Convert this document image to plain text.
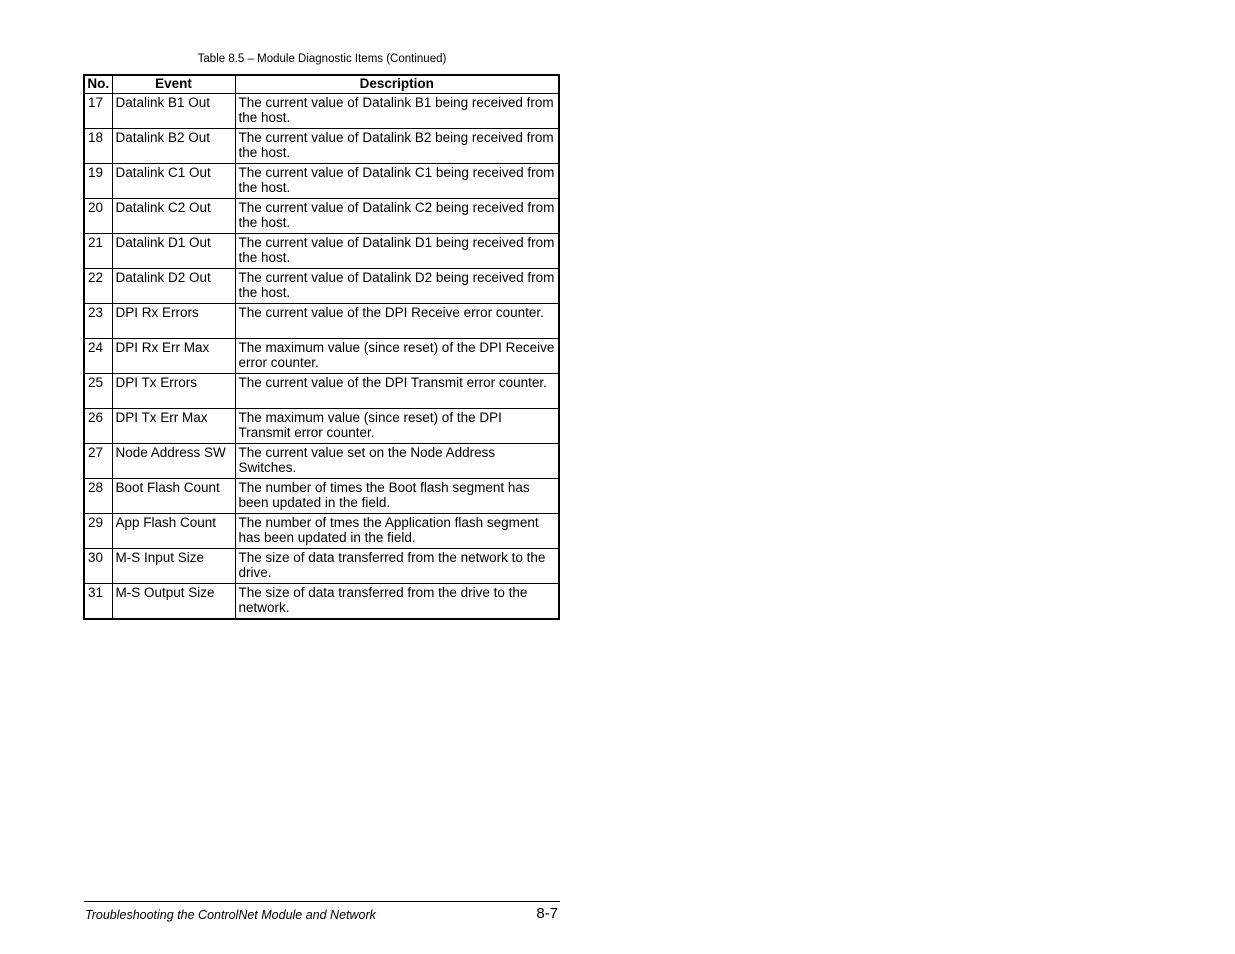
Table 8.5 – Module Diagnostic Items (Continued)
No.	Event	Description
17	Datalink B1 Out	The current value of Datalink B1 being received from the host.
18	Datalink B2 Out	The current value of Datalink B2 being received from the host.
19	Datalink C1 Out	The current value of Datalink C1 being received from the host.
20	Datalink C2 Out	The current value of Datalink C2 being received from the host.
21	Datalink D1 Out	The current value of Datalink D1 being received from the host.
22	Datalink D2 Out	The current value of Datalink D2 being received from the host.
23	DPI Rx Errors	The current value of the DPI Receive error counter.
24	DPI Rx Err Max	The maximum value (since reset) of the DPI Receive error counter.
25	DPI Tx Errors	The current value of the DPI Transmit error counter.
26	DPI Tx Err Max	The maximum value (since reset) of the DPI Transmit error counter.
27	Node Address SW	The current value set on the Node Address Switches.
28	Boot Flash Count	The number of times the Boot flash segment has been updated in the field.
29	App Flash Count	The number of tmes the Application flash segment has been updated in the field.
30	M-S Input Size	The size of data transferred from the network to the drive.
31	M-S Output Size	The size of data transferred from the drive to the network.
Troubleshooting the ControlNet Module and Network	8-7
